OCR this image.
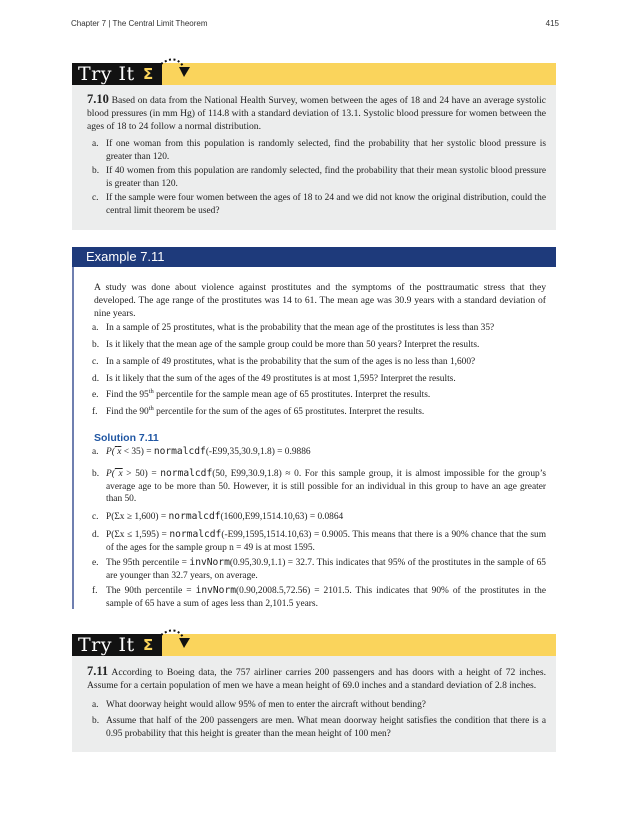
Chapter 7 | The Central Limit Theorem	415
Try It Σ
7.10 Based on data from the National Health Survey, women between the ages of 18 and 24 have an average systolic blood pressures (in mm Hg) of 114.8 with a standard deviation of 13.1. Systolic blood pressure for women between the ages of 18 to 24 follow a normal distribution.
a. If one woman from this population is randomly selected, find the probability that her systolic blood pressure is greater than 120.
b. If 40 women from this population are randomly selected, find the probability that their mean systolic blood pressure is greater than 120.
c. If the sample were four women between the ages of 18 to 24 and we did not know the original distribution, could the central limit theorem be used?
Example 7.11
A study was done about violence against prostitutes and the symptoms of the posttraumatic stress that they developed. The age range of the prostitutes was 14 to 61. The mean age was 30.9 years with a standard deviation of nine years.
a. In a sample of 25 prostitutes, what is the probability that the mean age of the prostitutes is less than 35?
b. Is it likely that the mean age of the sample group could be more than 50 years? Interpret the results.
c. In a sample of 49 prostitutes, what is the probability that the sum of the ages is no less than 1,600?
d. Is it likely that the sum of the ages of the 49 prostitutes is at most 1,595? Interpret the results.
e. Find the 95th percentile for the sample mean age of 65 prostitutes. Interpret the results.
f. Find the 90th percentile for the sum of the ages of 65 prostitutes. Interpret the results.
Solution 7.11
a. P( x < 35) = normalcdf(-E99,35,30.9,1.8) = 0.9886
b. P( x > 50) = normalcdf(50, E99,30.9,1.8) ≈ 0. For this sample group, it is almost impossible for the group’s average age to be more than 50. However, it is still possible for an individual in this group to have an age greater than 50.
c. P(Σx ≥ 1,600) = normalcdf(1600,E99,1514.10,63) = 0.0864
d. P(Σx ≤ 1,595) = normalcdf(-E99,1595,1514.10,63) = 0.9005. This means that there is a 90% chance that the sum of the ages for the sample group n = 49 is at most 1595.
e. The 95th percentile = invNorm(0.95,30.9,1.1) = 32.7. This indicates that 95% of the prostitutes in the sample of 65 are younger than 32.7 years, on average.
f. The 90th percentile = invNorm(0.90,2008.5,72.56) = 2101.5. This indicates that 90% of the prostitutes in the sample of 65 have a sum of ages less than 2,101.5 years.
Try It Σ
7.11 According to Boeing data, the 757 airliner carries 200 passengers and has doors with a height of 72 inches. Assume for a certain population of men we have a mean height of 69.0 inches and a standard deviation of 2.8 inches.
a. What doorway height would allow 95% of men to enter the aircraft without bending?
b. Assume that half of the 200 passengers are men. What mean doorway height satisfies the condition that there is a 0.95 probability that this height is greater than the mean height of 100 men?
